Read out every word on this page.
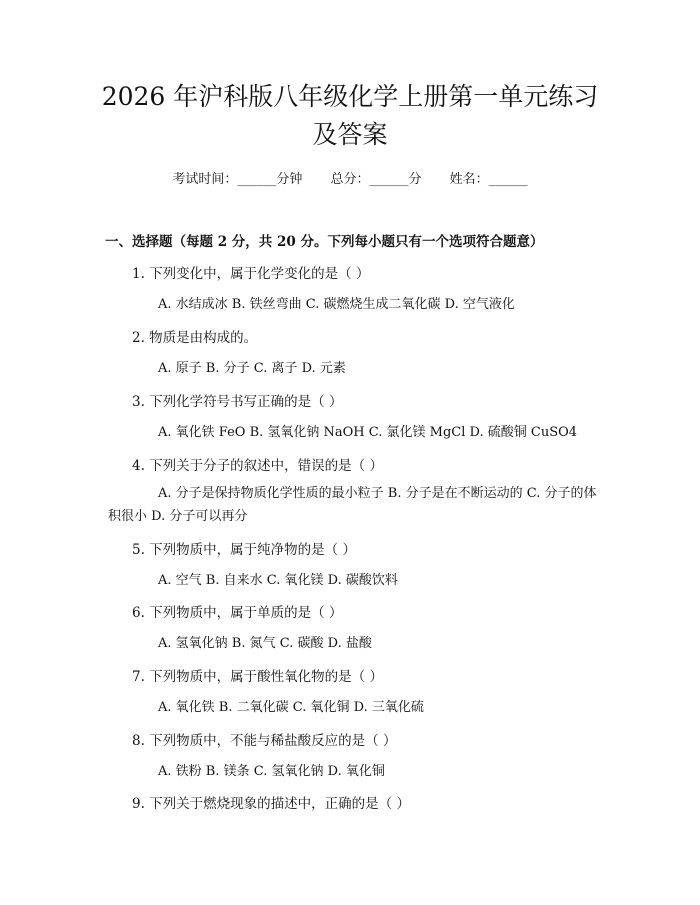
2026 年沪科版八年级化学上册第一单元练习
及答案
考试时间：______分钟 总分：______分 姓名：______
一、选择题（每题 2 分，共 20 分。下列每小题只有一个选项符合题意）
1. 下列变化中，属于化学变化的是（ ）
A. 水结成冰 B. 铁丝弯曲 C. 碳燃烧生成二氧化碳 D. 空气液化
2. 物质是由构成的。
A. 原子 B. 分子 C. 离子 D. 元素
3. 下列化学符号书写正确的是（ ）
A. 氧化铁 FeO B. 氢氧化钠 NaOH C. 氯化镁 MgCl D. 硫酸铜 CuSO4
4. 下列关于分子的叙述中，错误的是（ ）
A. 分子是保持物质化学性质的最小粒子 B. 分子是在不断运动的 C. 分子的体积很小 D. 分子可以再分
5. 下列物质中，属于纯净物的是（ ）
A. 空气 B. 自来水 C. 氧化镁 D. 碳酸饮料
6. 下列物质中，属于单质的是（ ）
A. 氢氧化钠 B. 氮气 C. 碳酸 D. 盐酸
7. 下列物质中，属于酸性氧化物的是（ ）
A. 氧化铁 B. 二氧化碳 C. 氧化铜 D. 三氧化硫
8. 下列物质中，不能与稀盐酸反应的是（ ）
A. 铁粉 B. 镁条 C. 氢氧化钠 D. 氧化铜
9. 下列关于燃烧现象的描述中，正确的是（ ）
